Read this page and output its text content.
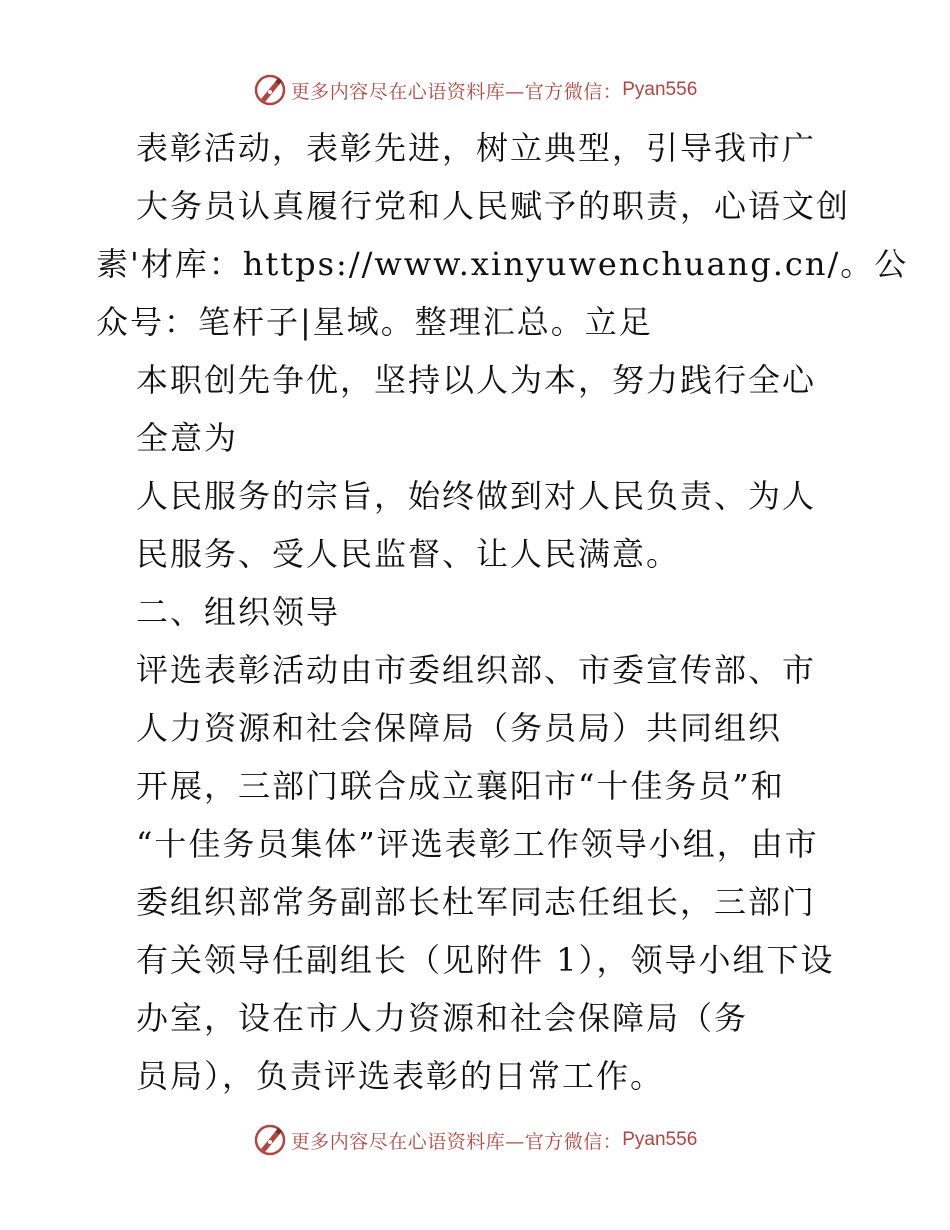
更多内容尽在心语资料库—官方微信： Pyan556
表彰活动，表彰先进，树立典型，引导我市广
大务员认真履行党和人民赋予的职责，心语文创
素'材库：https://www.xinyuwenchuang.cn/。公
众号：笔杆子|星域。整理汇总。立足
本职创先争优，坚持以人为本，努力践行全心
全意为
人民服务的宗旨，始终做到对人民负责、为人
民服务、受人民监督、让人民满意。
二、组织领导
评选表彰活动由市委组织部、市委宣传部、市
人力资源和社会保障局（务员局）共同组织
开展，三部门联合成立襄阳市“十佳务员”和
“十佳务员集体”评选表彰工作领导小组，由市
委组织部常务副部长杜军同志任组长，三部门
有关领导任副组长（见附件 1），领导小组下设
办室，设在市人力资源和社会保障局（务
员局），负责评选表彰的日常工作。
更多内容尽在心语资料库—官方微信： Pyan556
